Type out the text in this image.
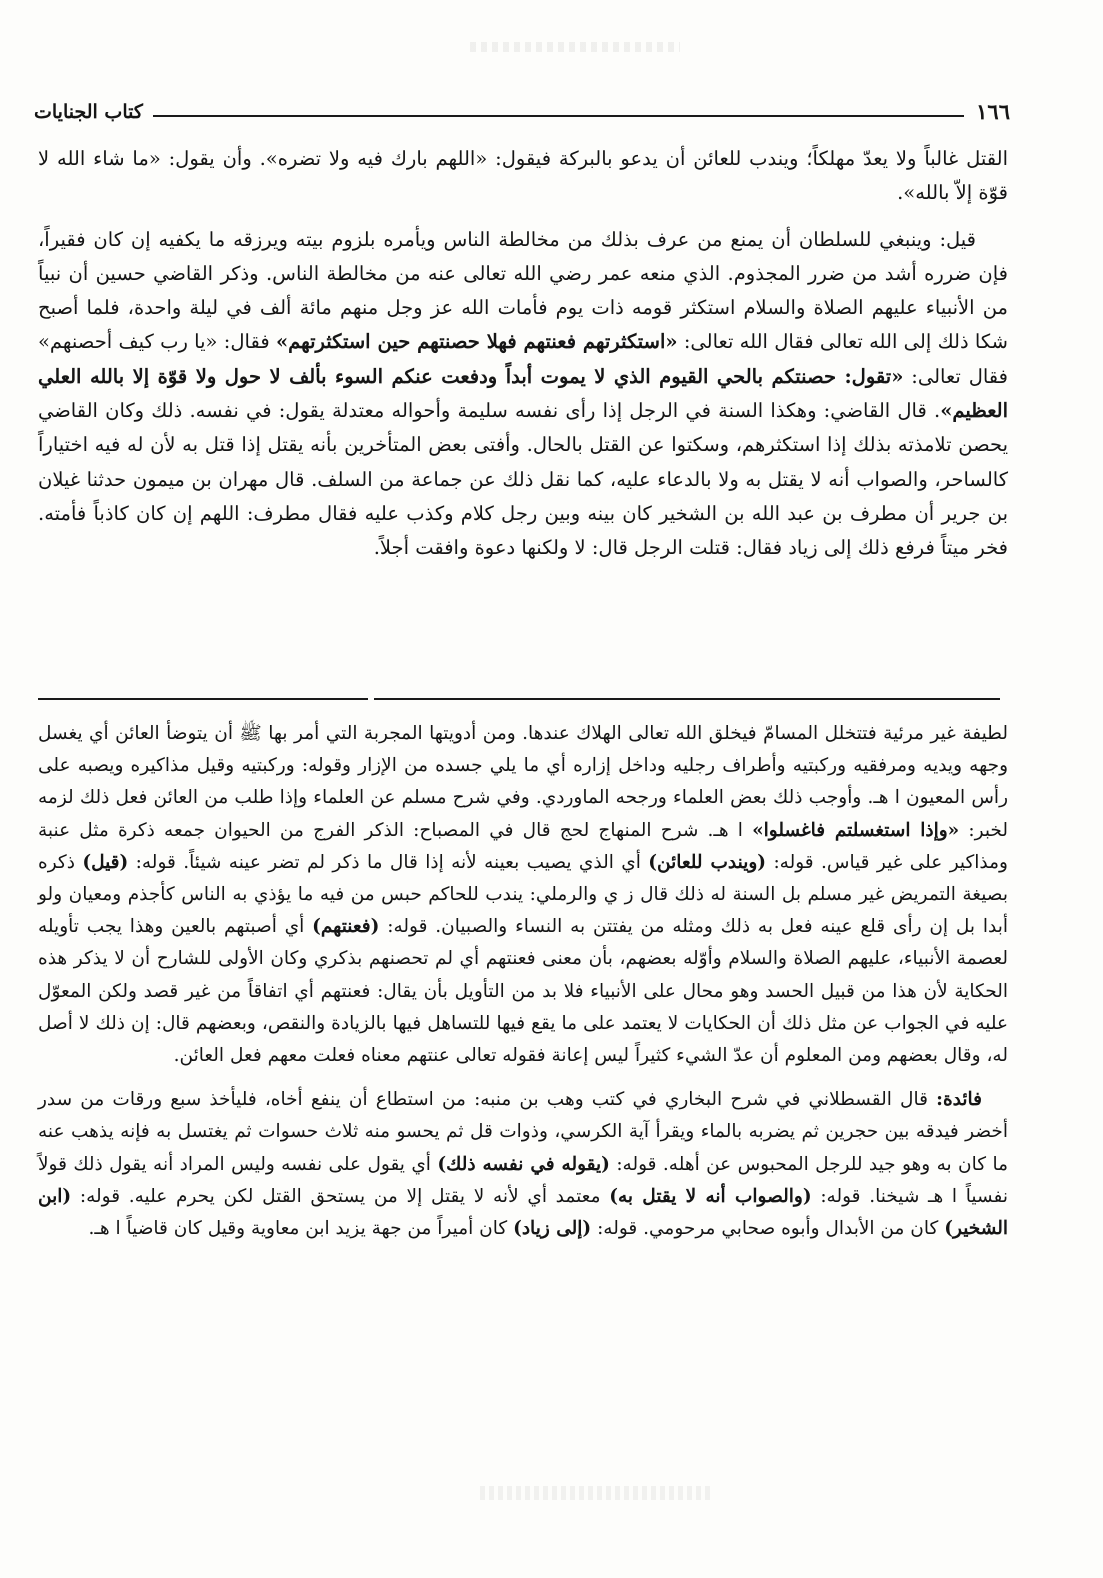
١٦٦
كتاب الجنايات

القتل غالباً ولا يعدّ مهلكاً؛ ويندب للعائن أن يدعو بالبركة فيقول: «اللهم بارك فيه ولا تضره». وأن يقول: «ما شاء الله لا قوّة إلاّ بالله».

قيل: وينبغي للسلطان أن يمنع من عرف بذلك من مخالطة الناس ويأمره بلزوم بيته ويرزقه ما يكفيه إن كان فقيراً، فإن ضرره أشد من ضرر المجذوم. الذي منعه عمر رضي الله تعالى عنه من مخالطة الناس. وذكر القاضي حسين أن نبياً من الأنبياء عليهم الصلاة والسلام استكثر قومه ذات يوم فأمات الله عز وجل منهم مائة ألف في ليلة واحدة، فلما أصبح شكا ذلك إلى الله تعالى فقال الله تعالى: «استكثرتهم فعنتهم فهلا حصنتهم حين استكثرتهم» فقال: «يا رب كيف أحصنهم» فقال تعالى: «تقول: حصنتكم بالحي القيوم الذي لا يموت أبداً ودفعت عنكم السوء بألف لا حول ولا قوّة إلا بالله العلي العظيم». قال القاضي: وهكذا السنة في الرجل إذا رأى نفسه سليمة وأحواله معتدلة يقول: في نفسه. ذلك وكان القاضي يحصن تلامذته بذلك إذا استكثرهم، وسكتوا عن القتل بالحال. وأفتى بعض المتأخرين بأنه يقتل إذا قتل به لأن له فيه اختياراً كالساحر، والصواب أنه لا يقتل به ولا بالدعاء عليه، كما نقل ذلك عن جماعة من السلف. قال مهران بن ميمون حدثنا غيلان بن جرير أن مطرف بن عبد الله بن الشخير كان بينه وبين رجل كلام وكذب عليه فقال مطرف: اللهم إن كان كاذباً فأمته. فخر ميتاً فرفع ذلك إلى زياد فقال: قتلت الرجل قال: لا ولكنها دعوة وافقت أجلاً.

لطيفة غير مرئية فتتخلل المسامّ فيخلق الله تعالى الهلاك عندها. ومن أدويتها المجربة التي أمر بها ﷺ أن يتوضأ العائن أي يغسل وجهه ويديه ومرفقيه وركبتيه وأطراف رجليه وداخل إزاره أي ما يلي جسده من الإزار وقوله: وركبتيه وقيل مذاكيره ويصبه على رأس المعيون ا هـ. وأوجب ذلك بعض العلماء ورجحه الماوردي. وفي شرح مسلم عن العلماء وإذا طلب من العائن فعل ذلك لزمه لخبر: «وإذا استغسلتم فاغسلوا» ا هـ. شرح المنهاج لحج قال في المصباح: الذكر الفرج من الحيوان جمعه ذكرة مثل عنبة ومذاكير على غير قياس. قوله: (ويندب للعائن) أي الذي يصيب بعينه لأنه إذا قال ما ذكر لم تضر عينه شيئاً. قوله: (قيل) ذكره بصيغة التمريض غير مسلم بل السنة له ذلك قال ز ي والرملي: يندب للحاكم حبس من فيه ما يؤذي به الناس كأجذم ومعيان ولو أبدا بل إن رأى قلع عينه فعل به ذلك ومثله من يفتتن به النساء والصبيان. قوله: (فعنتهم) أي أصبتهم بالعين وهذا يجب تأويله لعصمة الأنبياء، عليهم الصلاة والسلام وأوّله بعضهم، بأن معنى فعنتهم أي لم تحصنهم بذكري وكان الأولى للشارح أن لا يذكر هذه الحكاية لأن هذا من قبيل الحسد وهو محال على الأنبياء فلا بد من التأويل بأن يقال: فعنتهم أي اتفاقاً من غير قصد ولكن المعوّل عليه في الجواب عن مثل ذلك أن الحكايات لا يعتمد على ما يقع فيها للتساهل فيها بالزيادة والنقص، وبعضهم قال: إن ذلك لا أصل له، وقال بعضهم ومن المعلوم أن عدّ الشيء كثيراً ليس إعانة فقوله تعالى عنتهم معناه فعلت معهم فعل العائن.

فائدة: قال القسطلاني في شرح البخاري في كتب وهب بن منبه: من استطاع أن ينفع أخاه، فليأخذ سبع ورقات من سدر أخضر فيدقه بين حجرين ثم يضربه بالماء ويقرأ آية الكرسي، وذوات قل ثم يحسو منه ثلاث حسوات ثم يغتسل به فإنه يذهب عنه ما كان به وهو جيد للرجل المحبوس عن أهله. قوله: (يقوله في نفسه ذلك) أي يقول على نفسه وليس المراد أنه يقول ذلك قولاً نفسياً ا هـ شيخنا. قوله: (والصواب أنه لا يقتل به) معتمد أي لأنه لا يقتل إلا من يستحق القتل لكن يحرم عليه. قوله: (ابن الشخير) كان من الأبدال وأبوه صحابي مرحومي. قوله: (إلى زياد) كان أميراً من جهة يزيد ابن معاوية وقيل كان قاضياً ا هـ.
